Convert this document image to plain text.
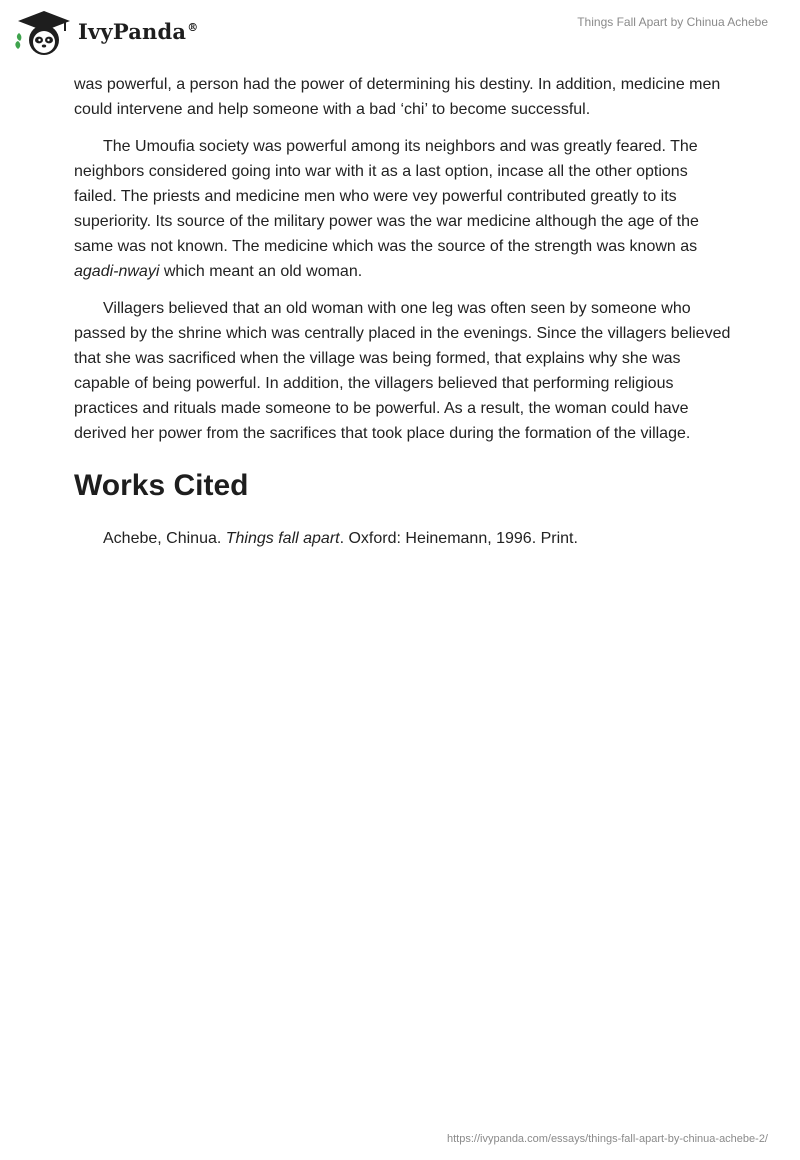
IvyPanda®	Things Fall Apart by Chinua Achebe

was powerful, a person had the power of determining his destiny. In addition, medicine men could intervene and help someone with a bad ‘chi’ to become successful.

The Umoufia society was powerful among its neighbors and was greatly feared. The neighbors considered going into war with it as a last option, incase all the other options failed. The priests and medicine men who were vey powerful contributed greatly to its superiority. Its source of the military power was the war medicine although the age of the same was not known. The medicine which was the source of the strength was known as agadi-nwayi which meant an old woman.

Villagers believed that an old woman with one leg was often seen by someone who passed by the shrine which was centrally placed in the evenings. Since the villagers believed that she was sacrificed when the village was being formed, that explains why she was capable of being powerful. In addition, the villagers believed that performing religious practices and rituals made someone to be powerful. As a result, the woman could have derived her power from the sacrifices that took place during the formation of the village.

Works Cited

Achebe, Chinua. Things fall apart. Oxford: Heinemann, 1996. Print.

https://ivypanda.com/essays/things-fall-apart-by-chinua-achebe-2/
